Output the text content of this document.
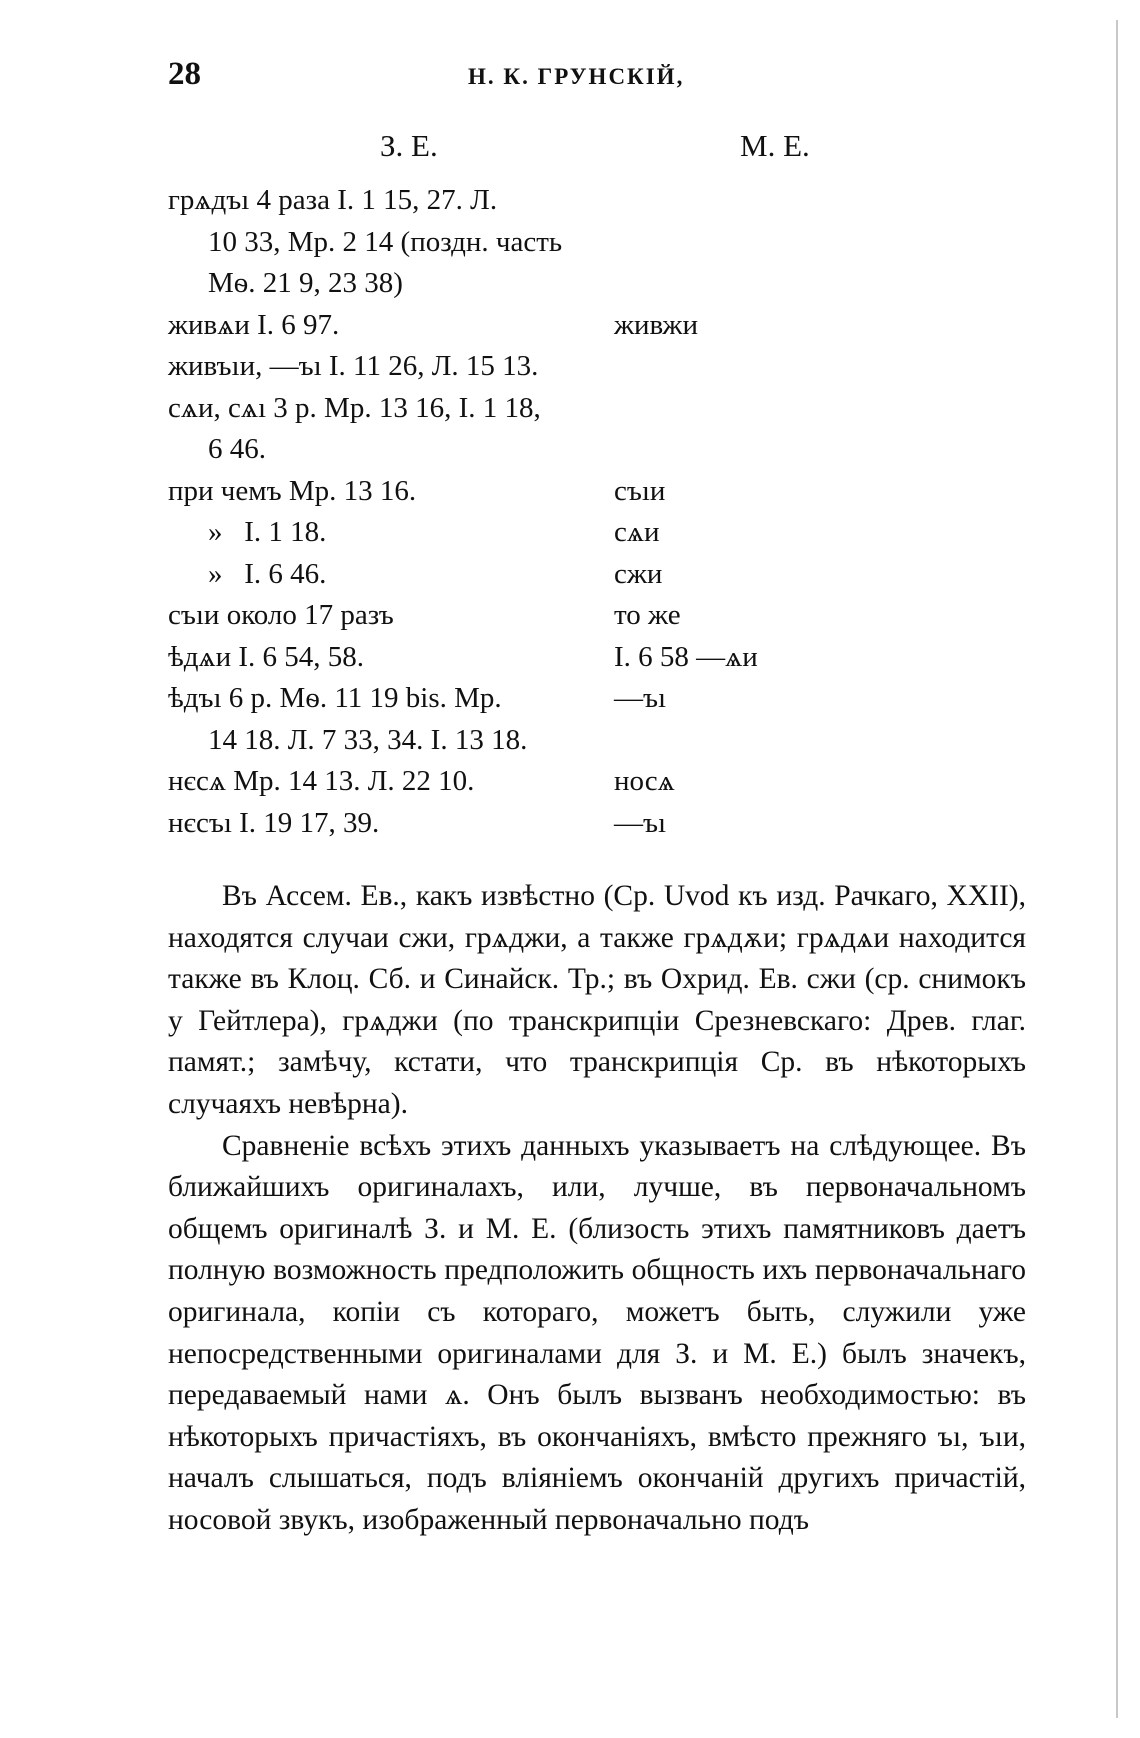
28	Н. К. ГРУНСКІЙ,
З. Е.	М. Е.
грѧдъı 4 раза І. 1 15, 27. Л.
10 33, Мр. 2 14 (поздн. часть
Мѳ. 21 9, 23 38)
живѧи І. 6 97.	живжи
живъıи, —ъı І. 11 26, Л. 15 13.
сѧи, сѧı 3 р. Мр. 13 16, І. 1 18,
6 46.
при чемъ Мр. 13 16.	съıи
»   І. 1 18.	сѧи
»   І. 6 46.	сжи
съıи около 17 разъ	то же
ѣдѧи І. 6 54, 58.	І. 6 58 —ѧи
ѣдъı 6 р. Мѳ. 11 19 bis. Мр.	—ъı
14 18. Л. 7 33, 34. І. 13 18.
нєсѧ Мр. 14 13. Л. 22 10.	носѧ
нєсъı І. 19 17, 39.	—ъı

Въ Ассем. Ев., какъ извѣстно (Ср. Uvod къ изд. Рачкаго, XXII), находятся случаи сжи, грѧджи, а также грѧдѫи; грѧдѧи находится также въ Клоц. Сб. и Синайск. Тр.; въ Охрид. Ев. сжи (ср. снимокъ у Гейтлера), грѧджи (по транскрипціи Срезневскаго: Древ. глаг. памят.; замѣчу, кстати, что транскрипція Ср. въ нѣкоторыхъ случаяхъ невѣрна).

Сравненіе всѣхъ этихъ данныхъ указываетъ на слѣдующее. Въ ближайшихъ оригиналахъ, или, лучше, въ первоначальномъ общемъ оригиналѣ З. и М. Е. (близость этихъ памятниковъ даетъ полную возможность предположить общность ихъ первоначальнаго оригинала, копіи съ котораго, можетъ быть, служили уже непосредственными оригиналами для З. и М. Е.) былъ значекъ, передаваемый нами ѧ. Онъ былъ вызванъ необходимостью: въ нѣкоторыхъ причастіяхъ, въ окончаніяхъ, вмѣсто прежняго ъı, ъıи, началъ слышаться, подъ вліяніемъ окончаній другихъ причастій, носовой звукъ, изображенный первоначально подъ
